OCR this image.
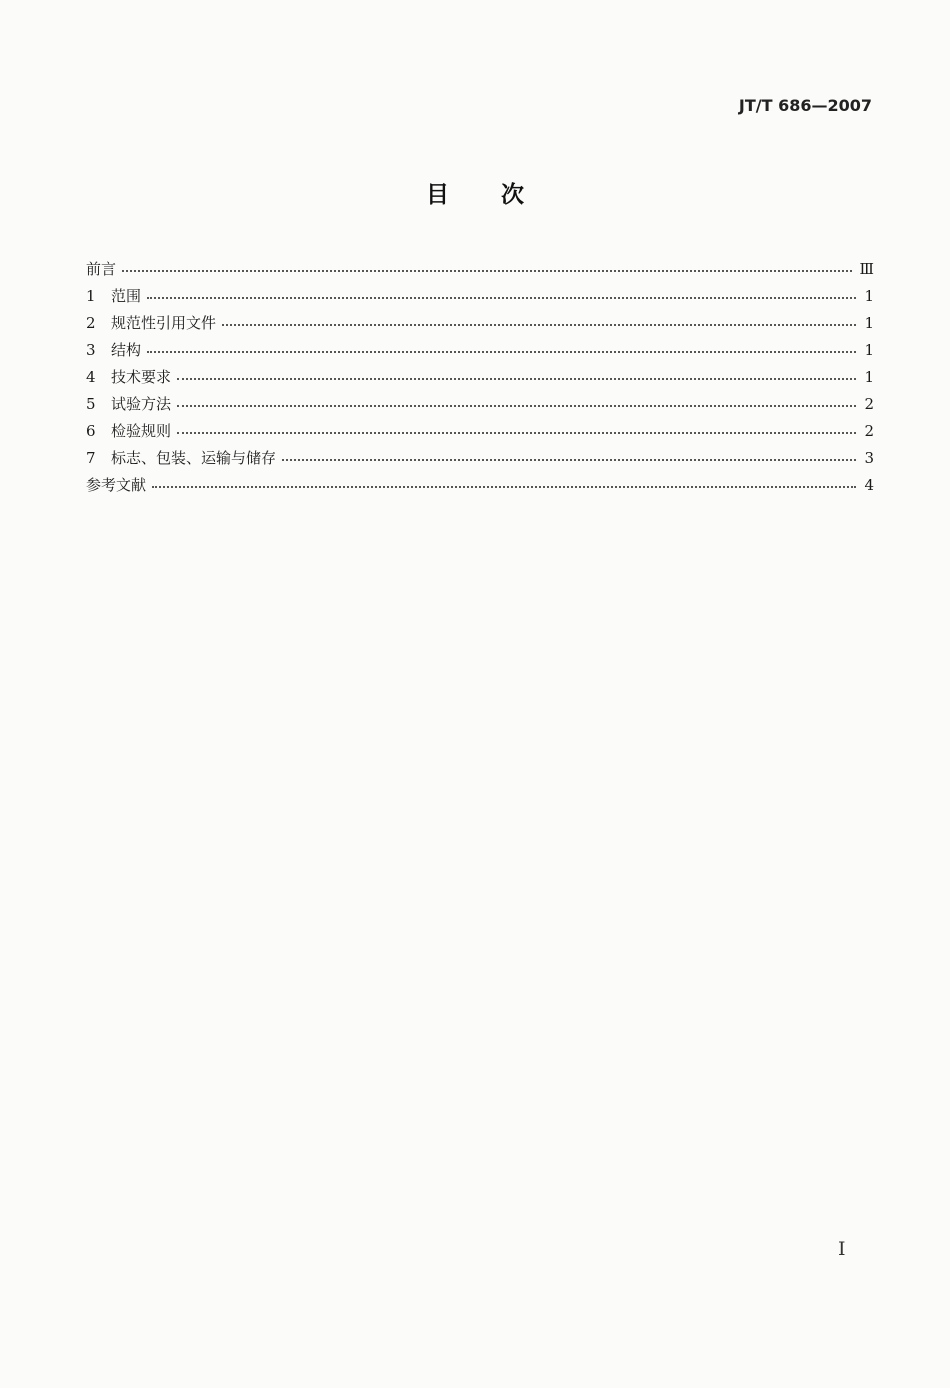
JT/T 686—2007
目 次
前言	Ⅲ
1	范围	1
2	规范性引用文件	1
3	结构	1
4	技术要求	1
5	试验方法	2
6	检验规则	2
7	标志、包装、运输与储存	3
参考文献	4
I
